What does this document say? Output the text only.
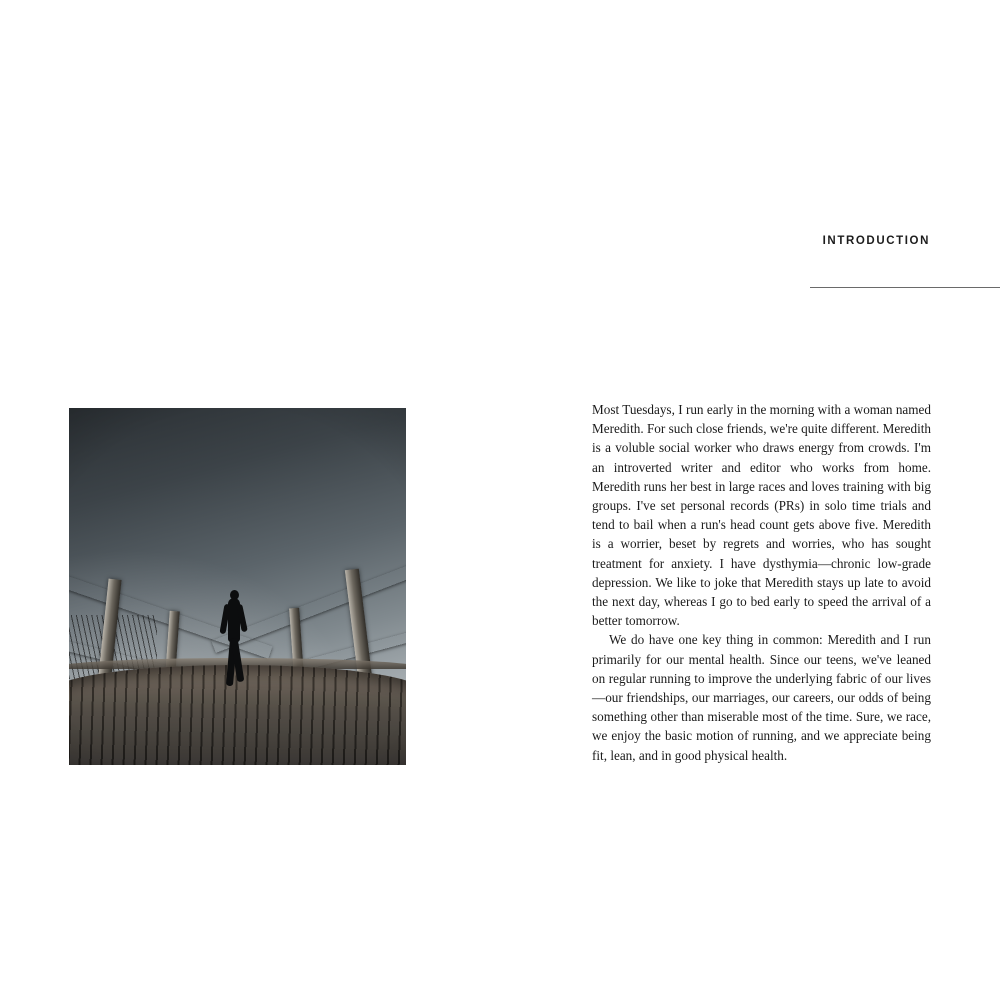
INTRODUCTION

Most Tuesdays, I run early in the morning with a woman named Meredith. For such close friends, we're quite different. Meredith is a voluble social worker who draws energy from crowds. I'm an introverted writer and editor who works from home. Meredith runs her best in large races and loves training with big groups. I've set personal records (PRs) in solo time trials and tend to bail when a run's head count gets above five. Meredith is a worrier, beset by regrets and worries, who has sought treatment for anxiety. I have dysthymia—chronic low-grade depression. We like to joke that Meredith stays up late to avoid the next day, whereas I go to bed early to speed the arrival of a better tomorrow.

We do have one key thing in common: Meredith and I run primarily for our mental health. Since our teens, we've leaned on regular running to improve the underlying fabric of our lives—our friendships, our marriages, our careers, our odds of being something other than miserable most of the time. Sure, we race, we enjoy the basic motion of running, and we appreciate being fit, lean, and in good physical health.
